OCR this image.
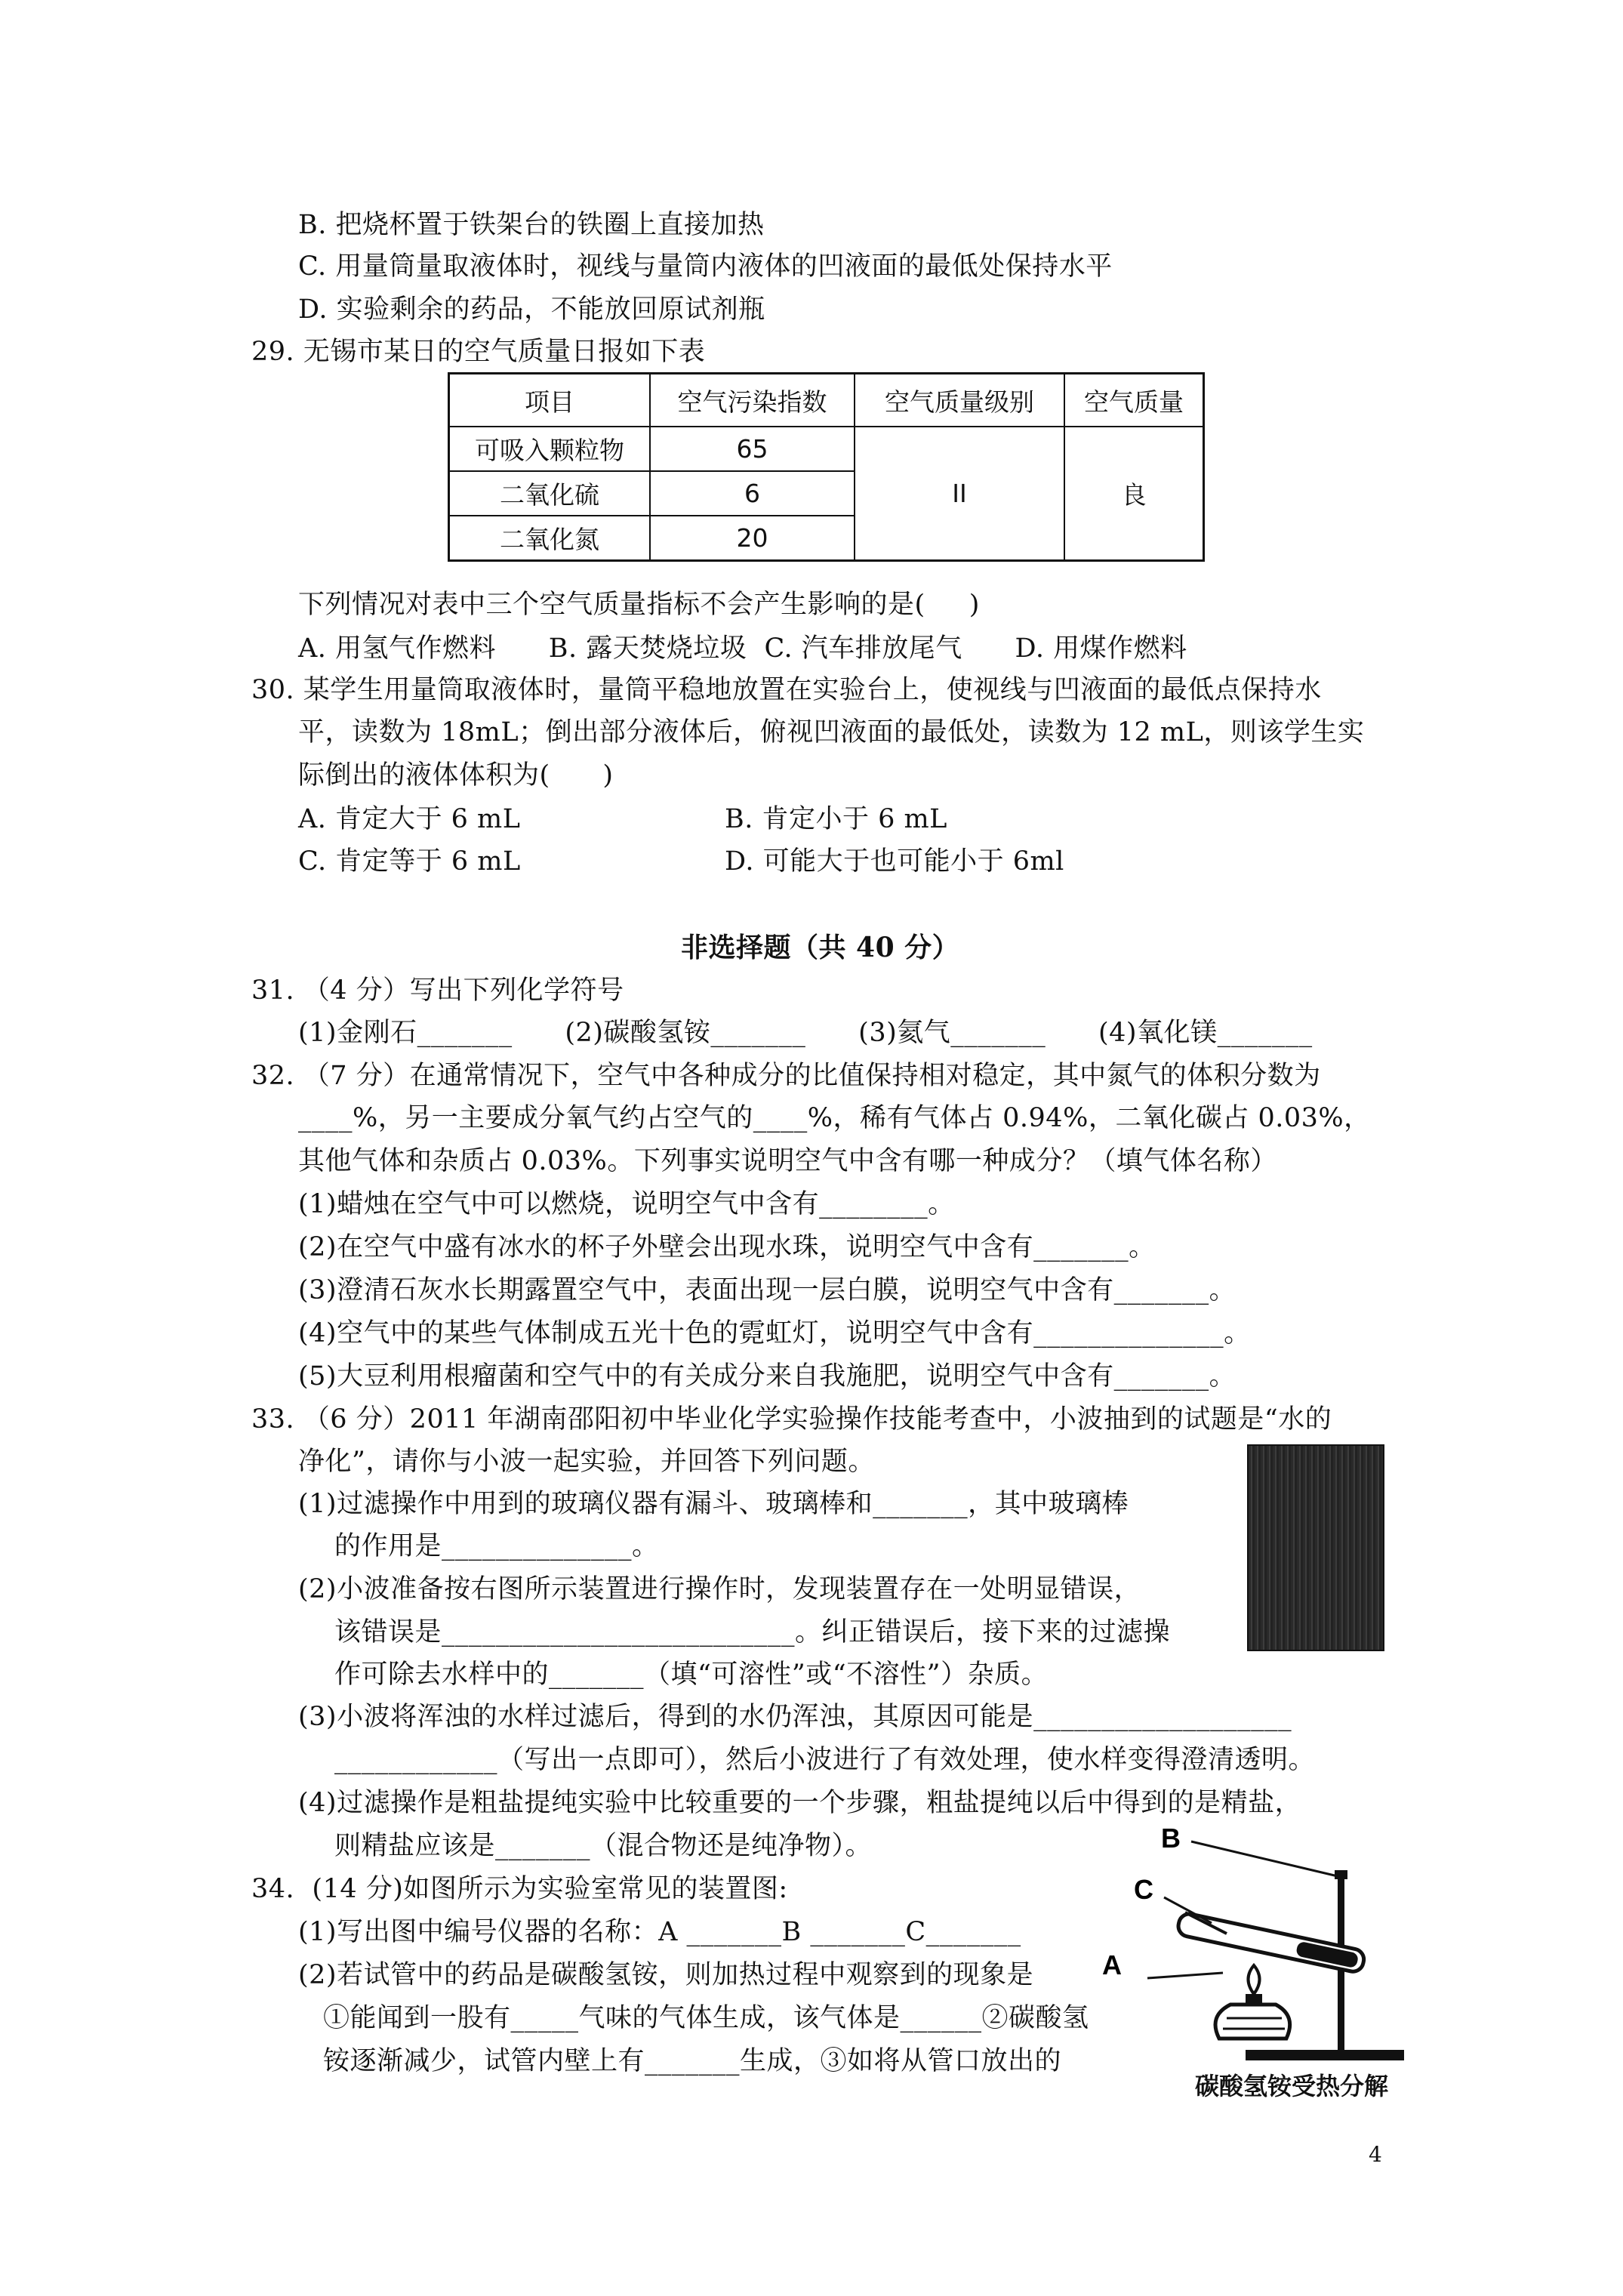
B. 把烧杯置于铁架台的铁圈上直接加热
C. 用量筒量取液体时，视线与量筒内液体的凹液面的最低处保持水平
D. 实验剩余的药品，不能放回原试剂瓶
29. 无锡市某日的空气质量日报如下表
项目	空气污染指数	空气质量级别	空气质量
可吸入颗粒物	65	II	良
二氧化硫	6		
二氧化氮	20		
下列情况对表中三个空气质量指标不会产生影响的是(     )
A. 用氢气作燃料      B. 露天焚烧垃圾  C. 汽车排放尾气      D. 用煤作燃料
30. 某学生用量筒取液体时，量筒平稳地放置在实验台上，使视线与凹液面的最低点保持水
平，读数为 18mL；倒出部分液体后，俯视凹液面的最低处，读数为 12 mL，则该学生实
际倒出的液体体积为(      )
A. 肯定大于 6 mL	B. 肯定小于 6 mL
C. 肯定等于 6 mL	D. 可能大于也可能小于 6ml
非选择题（共 40 分）
31. （4 分）写出下列化学符号
(1)金刚石_______      (2)碳酸氢铵_______      (3)氦气_______      (4)氧化镁_______
32. （7 分）在通常情况下，空气中各种成分的比值保持相对稳定，其中氮气的体积分数为
____%，另一主要成分氧气约占空气的____%，稀有气体占 0.94%，二氧化碳占 0.03%，
其他气体和杂质占 0.03%。下列事实说明空气中含有哪一种成分？（填气体名称）
(1)蜡烛在空气中可以燃烧，说明空气中含有________。
(2)在空气中盛有冰水的杯子外壁会出现水珠，说明空气中含有_______。
(3)澄清石灰水长期露置空气中，表面出现一层白膜，说明空气中含有_______。
(4)空气中的某些气体制成五光十色的霓虹灯，说明空气中含有______________。
(5)大豆利用根瘤菌和空气中的有关成分来自我施肥，说明空气中含有_______。
33. （6 分）2011 年湖南邵阳初中毕业化学实验操作技能考查中，小波抽到的试题是“水的
净化”，请你与小波一起实验，并回答下列问题。
(1)过滤操作中用到的玻璃仪器有漏斗、玻璃棒和_______，其中玻璃棒
的作用是______________。
(2)小波准备按右图所示装置进行操作时，发现装置存在一处明显错误，
该错误是__________________________。纠正错误后，接下来的过滤操
作可除去水样中的_______（填“可溶性”或“不溶性”）杂质。
(3)小波将浑浊的水样过滤后，得到的水仍浑浊，其原因可能是___________________
____________（写出一点即可），然后小波进行了有效处理，使水样变得澄清透明。
(4)过滤操作是粗盐提纯实验中比较重要的一个步骤，粗盐提纯以后中得到的是精盐，
则精盐应该是_______（混合物还是纯净物）。
34.  (14 分)如图所示为实验室常见的装置图:
(1)写出图中编号仪器的名称：A _______B _______C_______
(2)若试管中的药品是碳酸氢铵，则加热过程中观察到的现象是
①能闻到一股有_____气味的气体生成，该气体是______②碳酸氢
铵逐渐减少，试管内壁上有_______生成，③如将从管口放出的
A
B
C
碳酸氢铵受热分解
4
